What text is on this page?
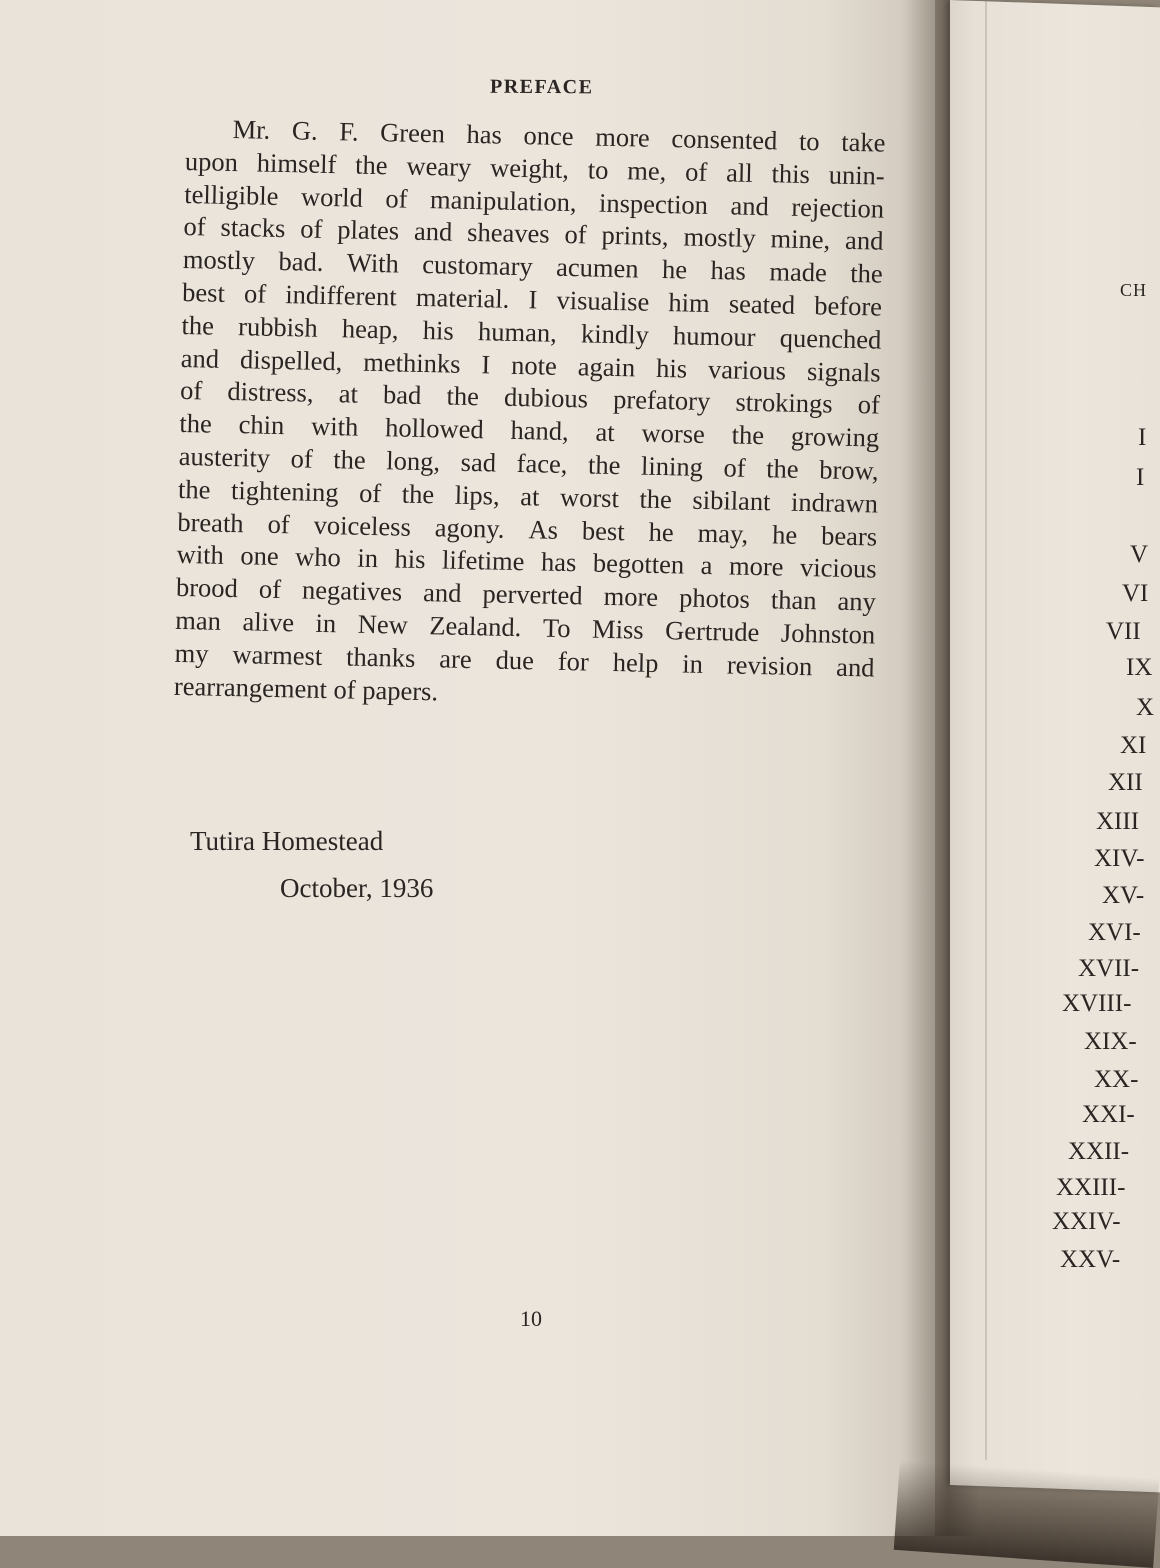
PREFACE
Mr. G. F. Green has once more consented to take
upon himself the weary weight, to me, of all this unin-
telligible world of manipulation, inspection and rejection
of stacks of plates and sheaves of prints, mostly mine, and
mostly bad. With customary acumen he has made the
best of indifferent material. I visualise him seated before
the rubbish heap, his human, kindly humour quenched
and dispelled, methinks I note again his various signals
of distress, at bad the dubious prefatory strokings of
the chin with hollowed hand, at worse the growing
austerity of the long, sad face, the lining of the brow,
the tightening of the lips, at worst the sibilant indrawn
breath of voiceless agony. As best he may, he bears
with one who in his lifetime has begotten a more vicious
brood of negatives and perverted more photos than any
man alive in New Zealand. To Miss Gertrude Johnston
my warmest thanks are due for help in revision and
rearrangement of papers.
Tutira Homestead
October, 1936
10
CH
I
I
V
VI
VII
IX
X
XI
XII
XIII
XIV-
XV-
XVI-
XVII-
XVIII-
XIX-
XX-
XXI-
XXII-
XXIII-
XXIV-
XXV-
